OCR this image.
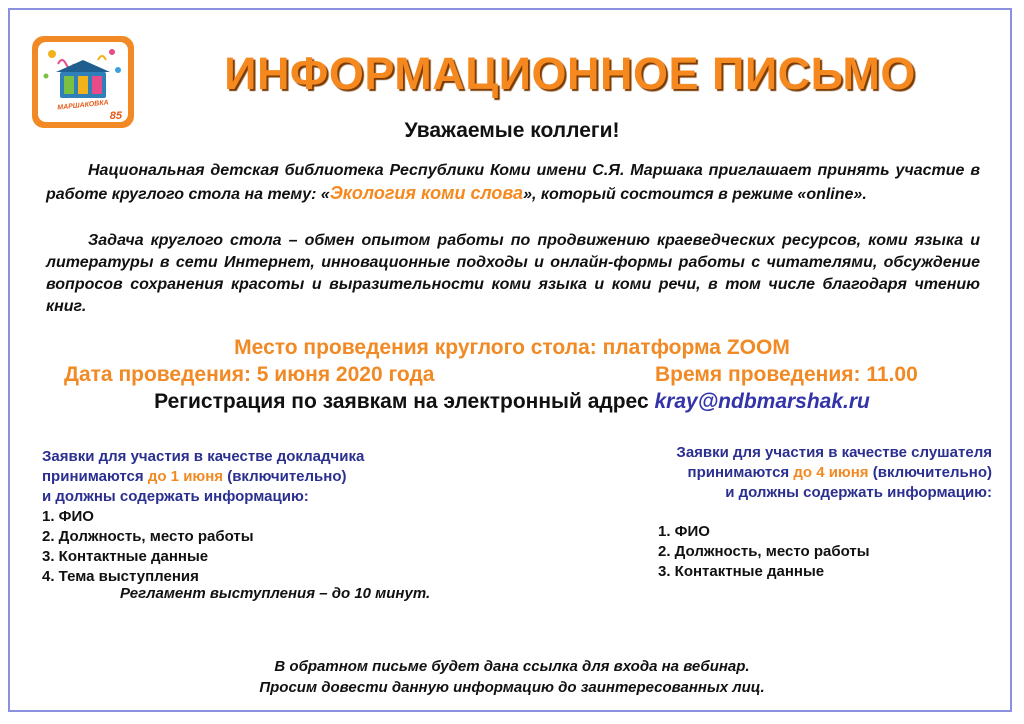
МАРШАКОВКА
85
ИНФОРМАЦИОННОЕ ПИСЬМО
Уважаемые коллеги!
Национальная детская библиотека Республики Коми имени С.Я. Маршака приглашает принять участие в работе круглого стола на тему: «Экология коми слова», который состоится в режиме «online».
Задача круглого стола – обмен опытом работы по продвижению краеведческих ресурсов, коми языка и литературы в сети Интернет, инновационные подходы и онлайн-формы работы с читателями, обсуждение вопросов сохранения красоты и выразительности коми языка и коми речи, в том числе благодаря чтению книг.
Место проведения круглого стола: платформа ZOOM
Дата проведения: 5 июня 2020 года	Время проведения: 11.00
Регистрация по заявкам на электронный адрес kray@ndbmarshak.ru
Заявки для участия в качестве докладчика
принимаются до 1 июня (включительно)
и должны содержать информацию:
1. ФИО
2. Должность, место работы
3. Контактные данные
4. Тема выступления
Регламент выступления – до 10 минут.
Заявки для участия в качестве слушателя
принимаются до 4 июня (включительно)
и должны содержать информацию:
1. ФИО
2. Должность, место работы
3. Контактные данные
В обратном письме будет дана ссылка для входа на вебинар.
Просим довести данную информацию до заинтересованных лиц.
